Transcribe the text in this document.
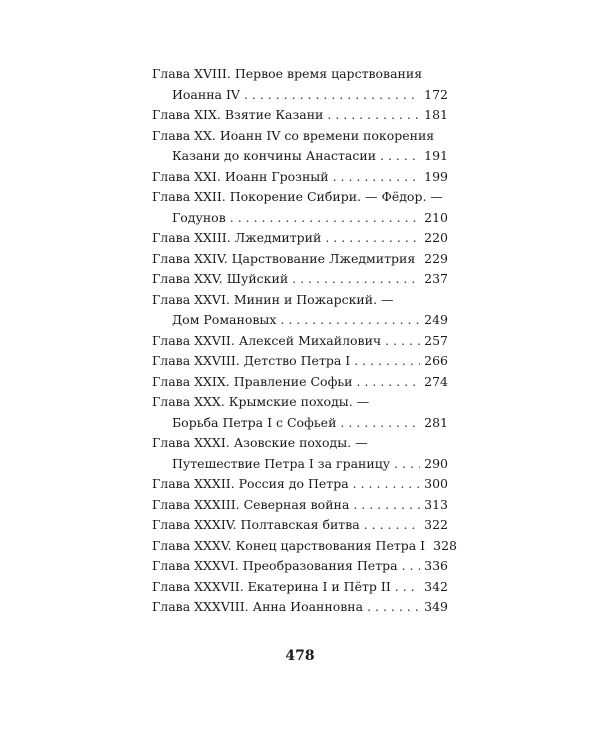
Глава XVIII. Первое время царствования
Иоанна IV . . .	172
Глава XIX. Взятие Казани . . .	181
Глава XX. Иоанн IV со времени покорения
Казани до кончины Анастасии . . .	191
Глава XXI. Иоанн Грозный . . .	199
Глава XXII. Покорение Сибири. — Фёдор. —
Годунов . . .	210
Глава XXIII. Лжедмитрий . . .	220
Глава XXIV. Царствование Лжедмитрия . . . 229
Глава XXV. Шуйский . . .	237
Глава XXVI. Минин и Пожарский. —
Дом Романовых . . .	249
Глава XXVII. Алексей Михайлович . . .	257
Глава XXVIII. Детство Петра I . . .	266
Глава XXIX. Правление Софьи . . .	274
Глава XXX. Крымские походы. —
Борьба Петра I с Софьей . . .	281
Глава XXXI. Азовские походы. —
Путешествие Петра I за границу . . .	290
Глава XXXII. Россия до Петра . . .	300
Глава XXXIII. Северная война . . .	313
Глава XXXIV. Полтавская битва . . .	322
Глава XXXV. Конец царствования Петра I 328
Глава XXXVI. Преобразования Петра . . . 336
Глава XXXVII. Екатерина I и Пётр II . . .	342
Глава XXXVIII. Анна Иоанновна . . .	349
478
